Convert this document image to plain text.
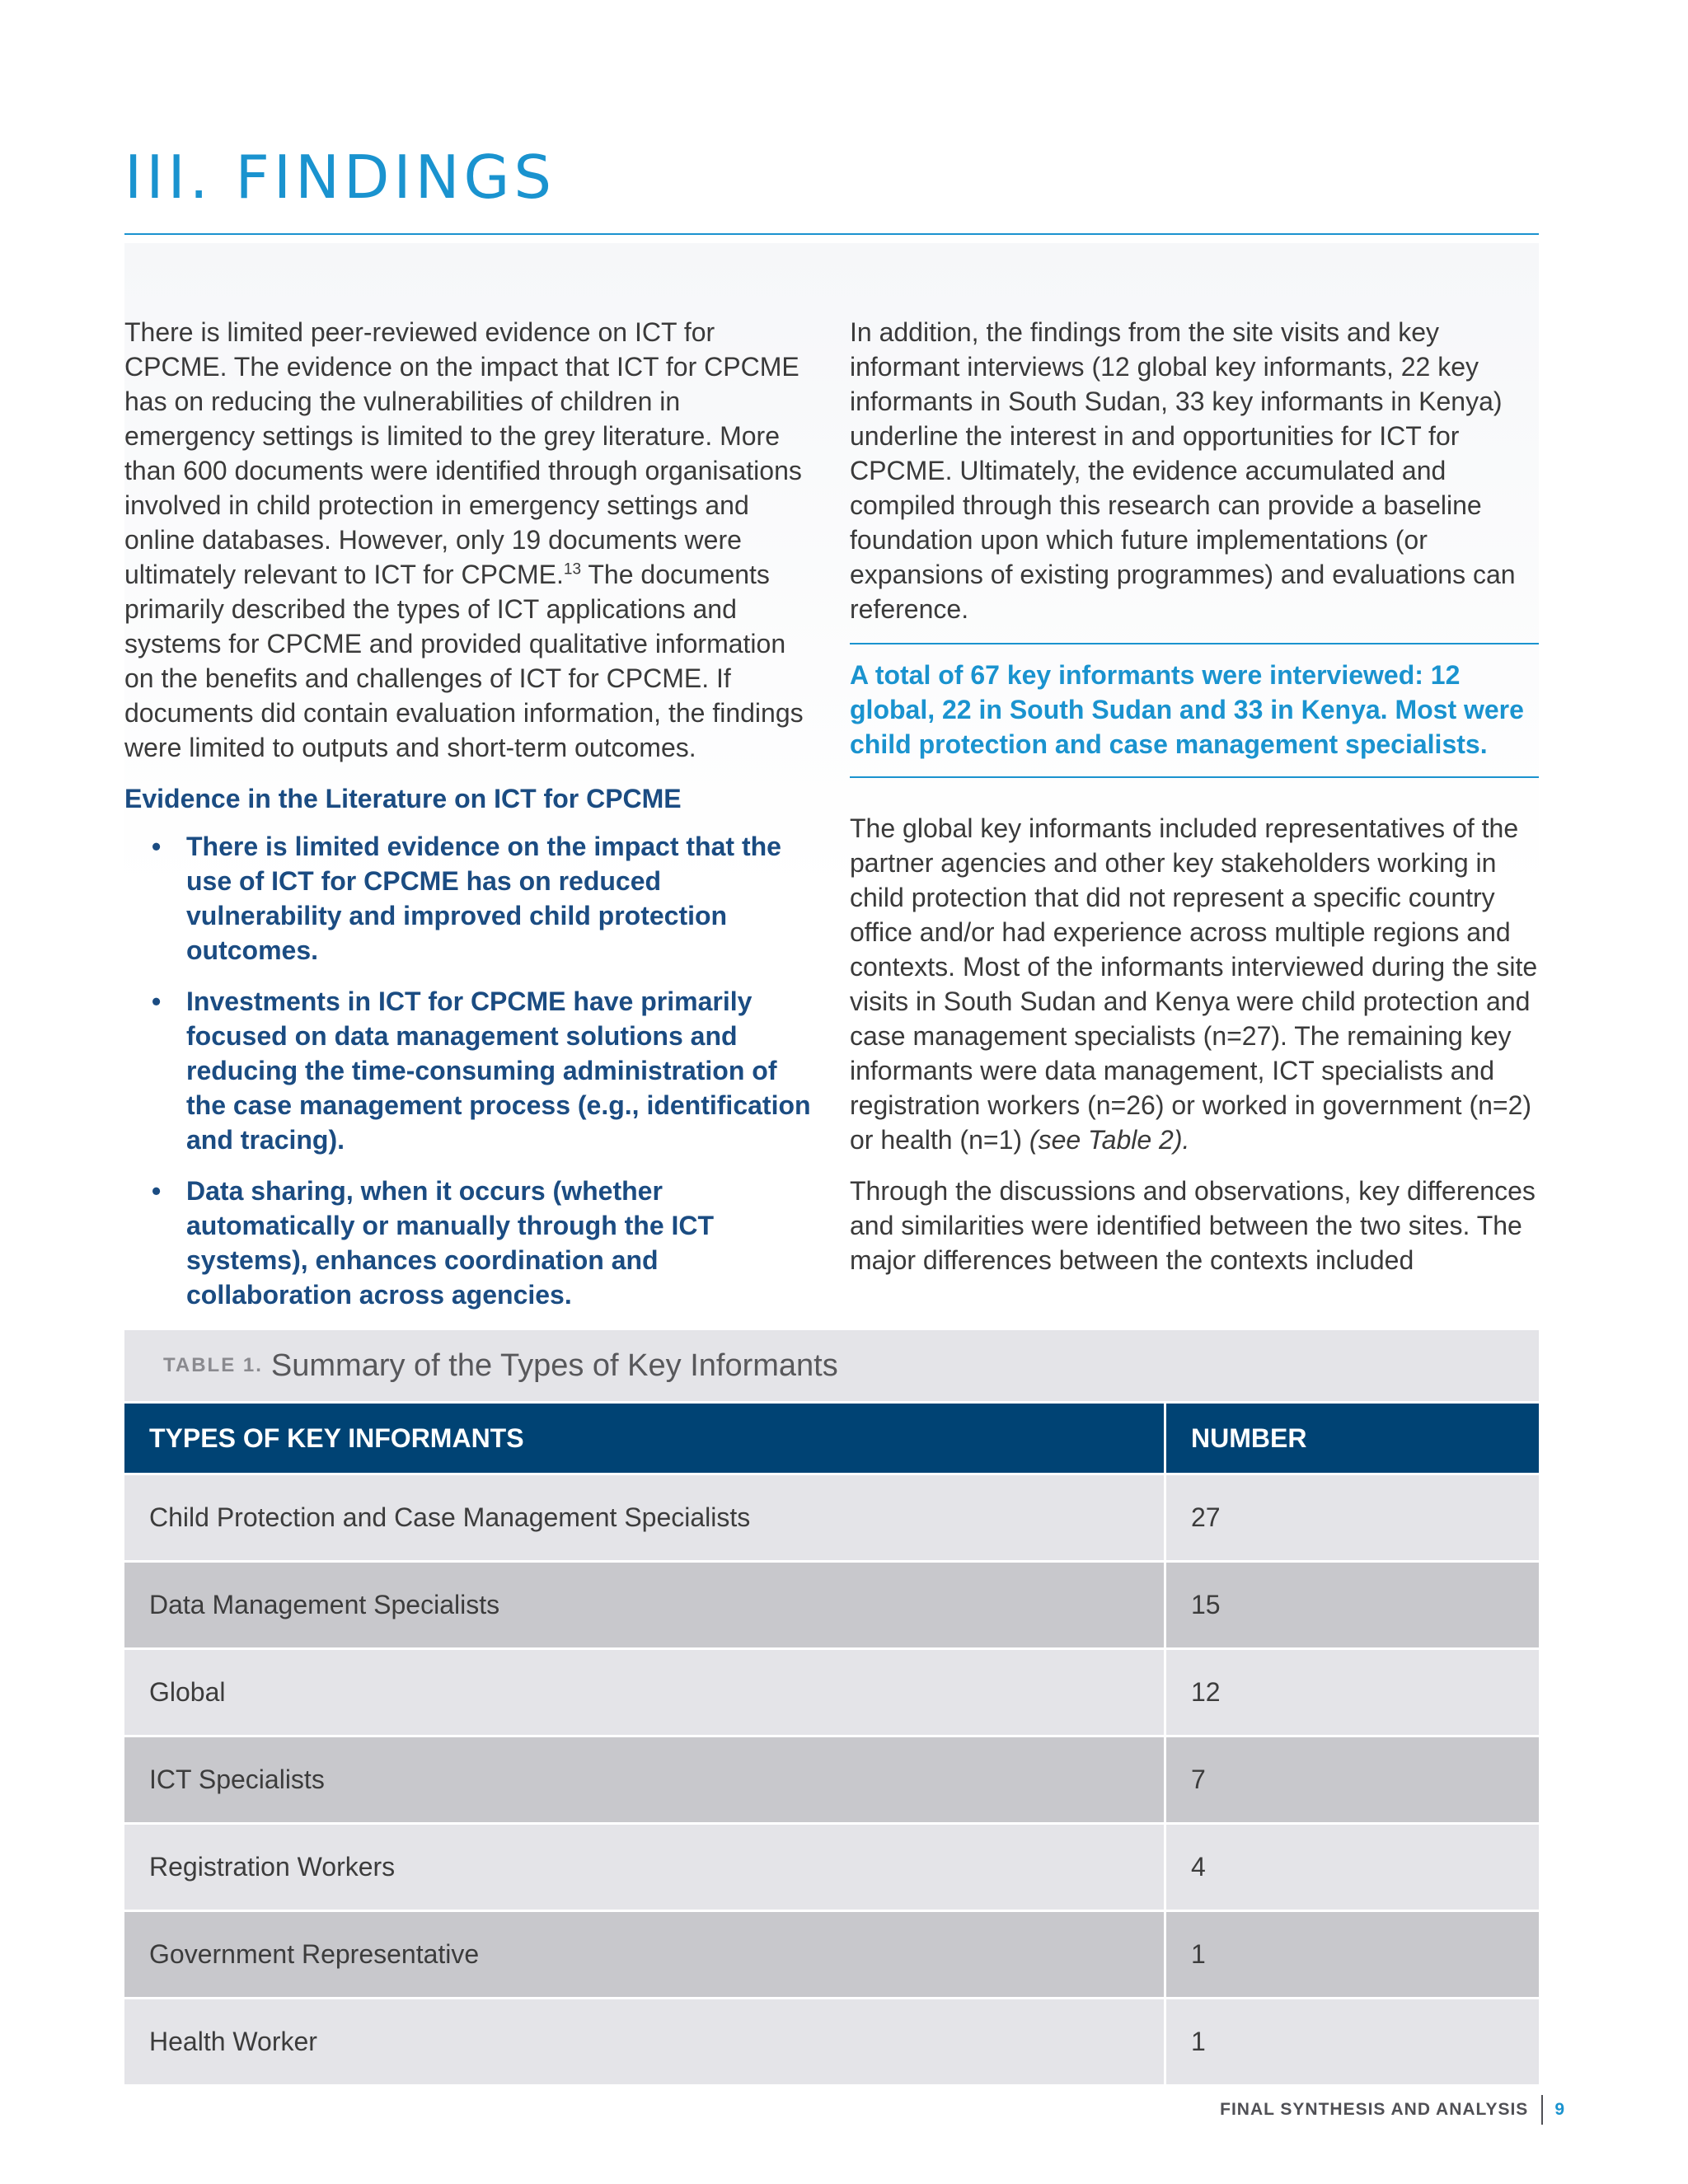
III. FINDINGS

There is limited peer-reviewed evidence on ICT for CPCME. The evidence on the impact that ICT for CPCME has on reducing the vulnerabilities of children in emergency settings is limited to the grey literature. More than 600 documents were identified through organisations involved in child protection in emergency settings and online databases. However, only 19 documents were ultimately relevant to ICT for CPCME.$^{13}$ The documents primarily described the types of ICT applications and systems for CPCME and provided qualitative information on the benefits and challenges of ICT for CPCME. If documents did contain evaluation information, the findings were limited to outputs and short-term outcomes.

Evidence in the Literature on ICT for CPCME
• There is limited evidence on the impact that the use of ICT for CPCME has on reduced vulnerability and improved child protection outcomes.
• Investments in ICT for CPCME have primarily focused on data management solutions and reducing the time-consuming administration of the case management process (e.g., identification and tracing).
• Data sharing, when it occurs (whether automatically or manually through the ICT systems), enhances coordination and collaboration across agencies.

In addition, the findings from the site visits and key informant interviews (12 global key informants, 22 key informants in South Sudan, 33 key informants in Kenya) underline the interest in and opportunities for ICT for CPCME. Ultimately, the evidence accumulated and compiled through this research can provide a baseline foundation upon which future implementations (or expansions of existing programmes) and evaluations can reference.

A total of 67 key informants were interviewed: 12 global, 22 in South Sudan and 33 in Kenya. Most were child protection and case management specialists.

The global key informants included representatives of the partner agencies and other key stakeholders working in child protection that did not represent a specific country office and/or had experience across multiple regions and contexts. Most of the informants interviewed during the site visits in South Sudan and Kenya were child protection and case management specialists (n=27). The remaining key informants were data management, ICT specialists and registration workers (n=26) or worked in government (n=2) or health (n=1) (see Table 2).

Through the discussions and observations, key differences and similarities were identified between the two sites. The major differences between the contexts included

TABLE 1. Summary of the Types of Key Informants
TYPES OF KEY INFORMANTS	NUMBER
Child Protection and Case Management Specialists	27
Data Management Specialists	15
Global	12
ICT Specialists	7
Registration Workers	4
Government Representative	1
Health Worker	1
FINAL SYNTHESIS AND ANALYSIS 9
